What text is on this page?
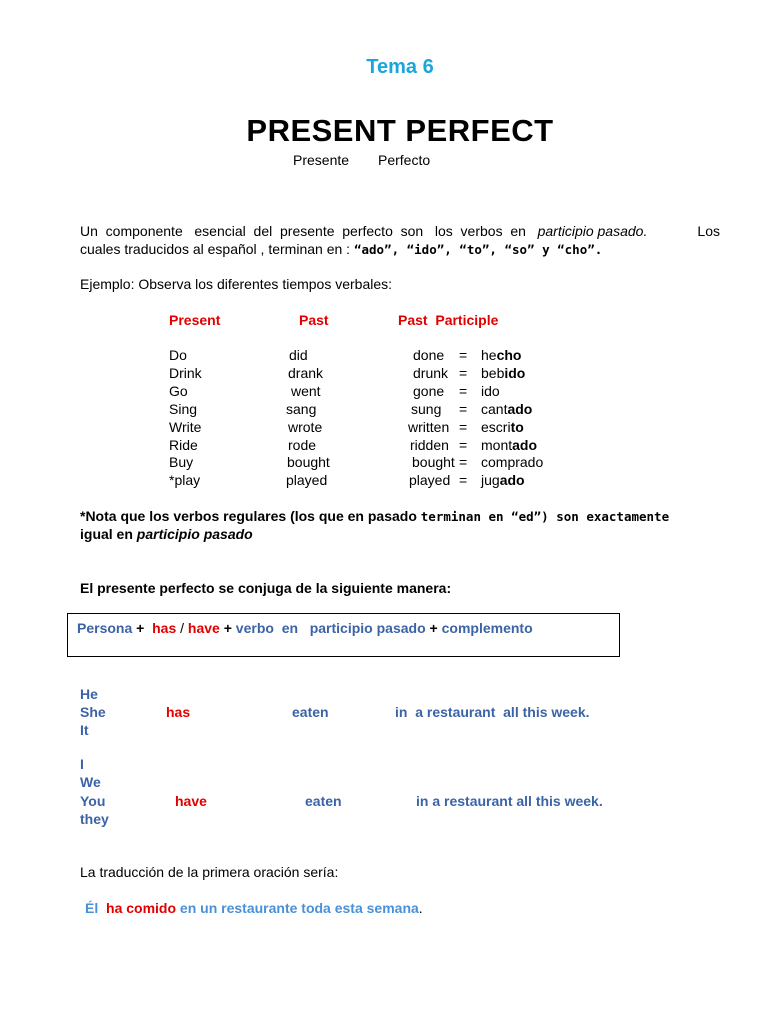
Tema 6
PRESENT PERFECT
Presente Perfecto
Un  componente   esencial  del  presente  perfecto  son   los  verbos  en participio pasado.	Los
cuales traducidos al español , terminan en : “ado”, “ido”, “to”, “so” y “cho”.
Ejemplo: Observa los diferentes tiempos verbales:
Present	Past	Past  Participle
Do	did	done = hecho
Drink	drank	drunk = bebido
Go	went	gone = ido
Sing	sang	sung = cantado
Write	wrote	written = escrito
Ride	rode	ridden = montado
Buy	bought	bought = comprado
*play	played	played = jugado
*Nota que los verbos regulares (los que en pasado terminan en “ed”) son exactamente
igual en participio pasado
El presente perfecto se conjuga de la siguiente manera:
Persona + has / have + verbo  en participio pasado + complemento
He
She
It
has	eaten	in  a restaurant  all this week.
I
We
You
they
have	eaten	in a restaurant all this week.
La traducción de la primera oración sería:
Él ha comido en un restaurante toda esta semana.
